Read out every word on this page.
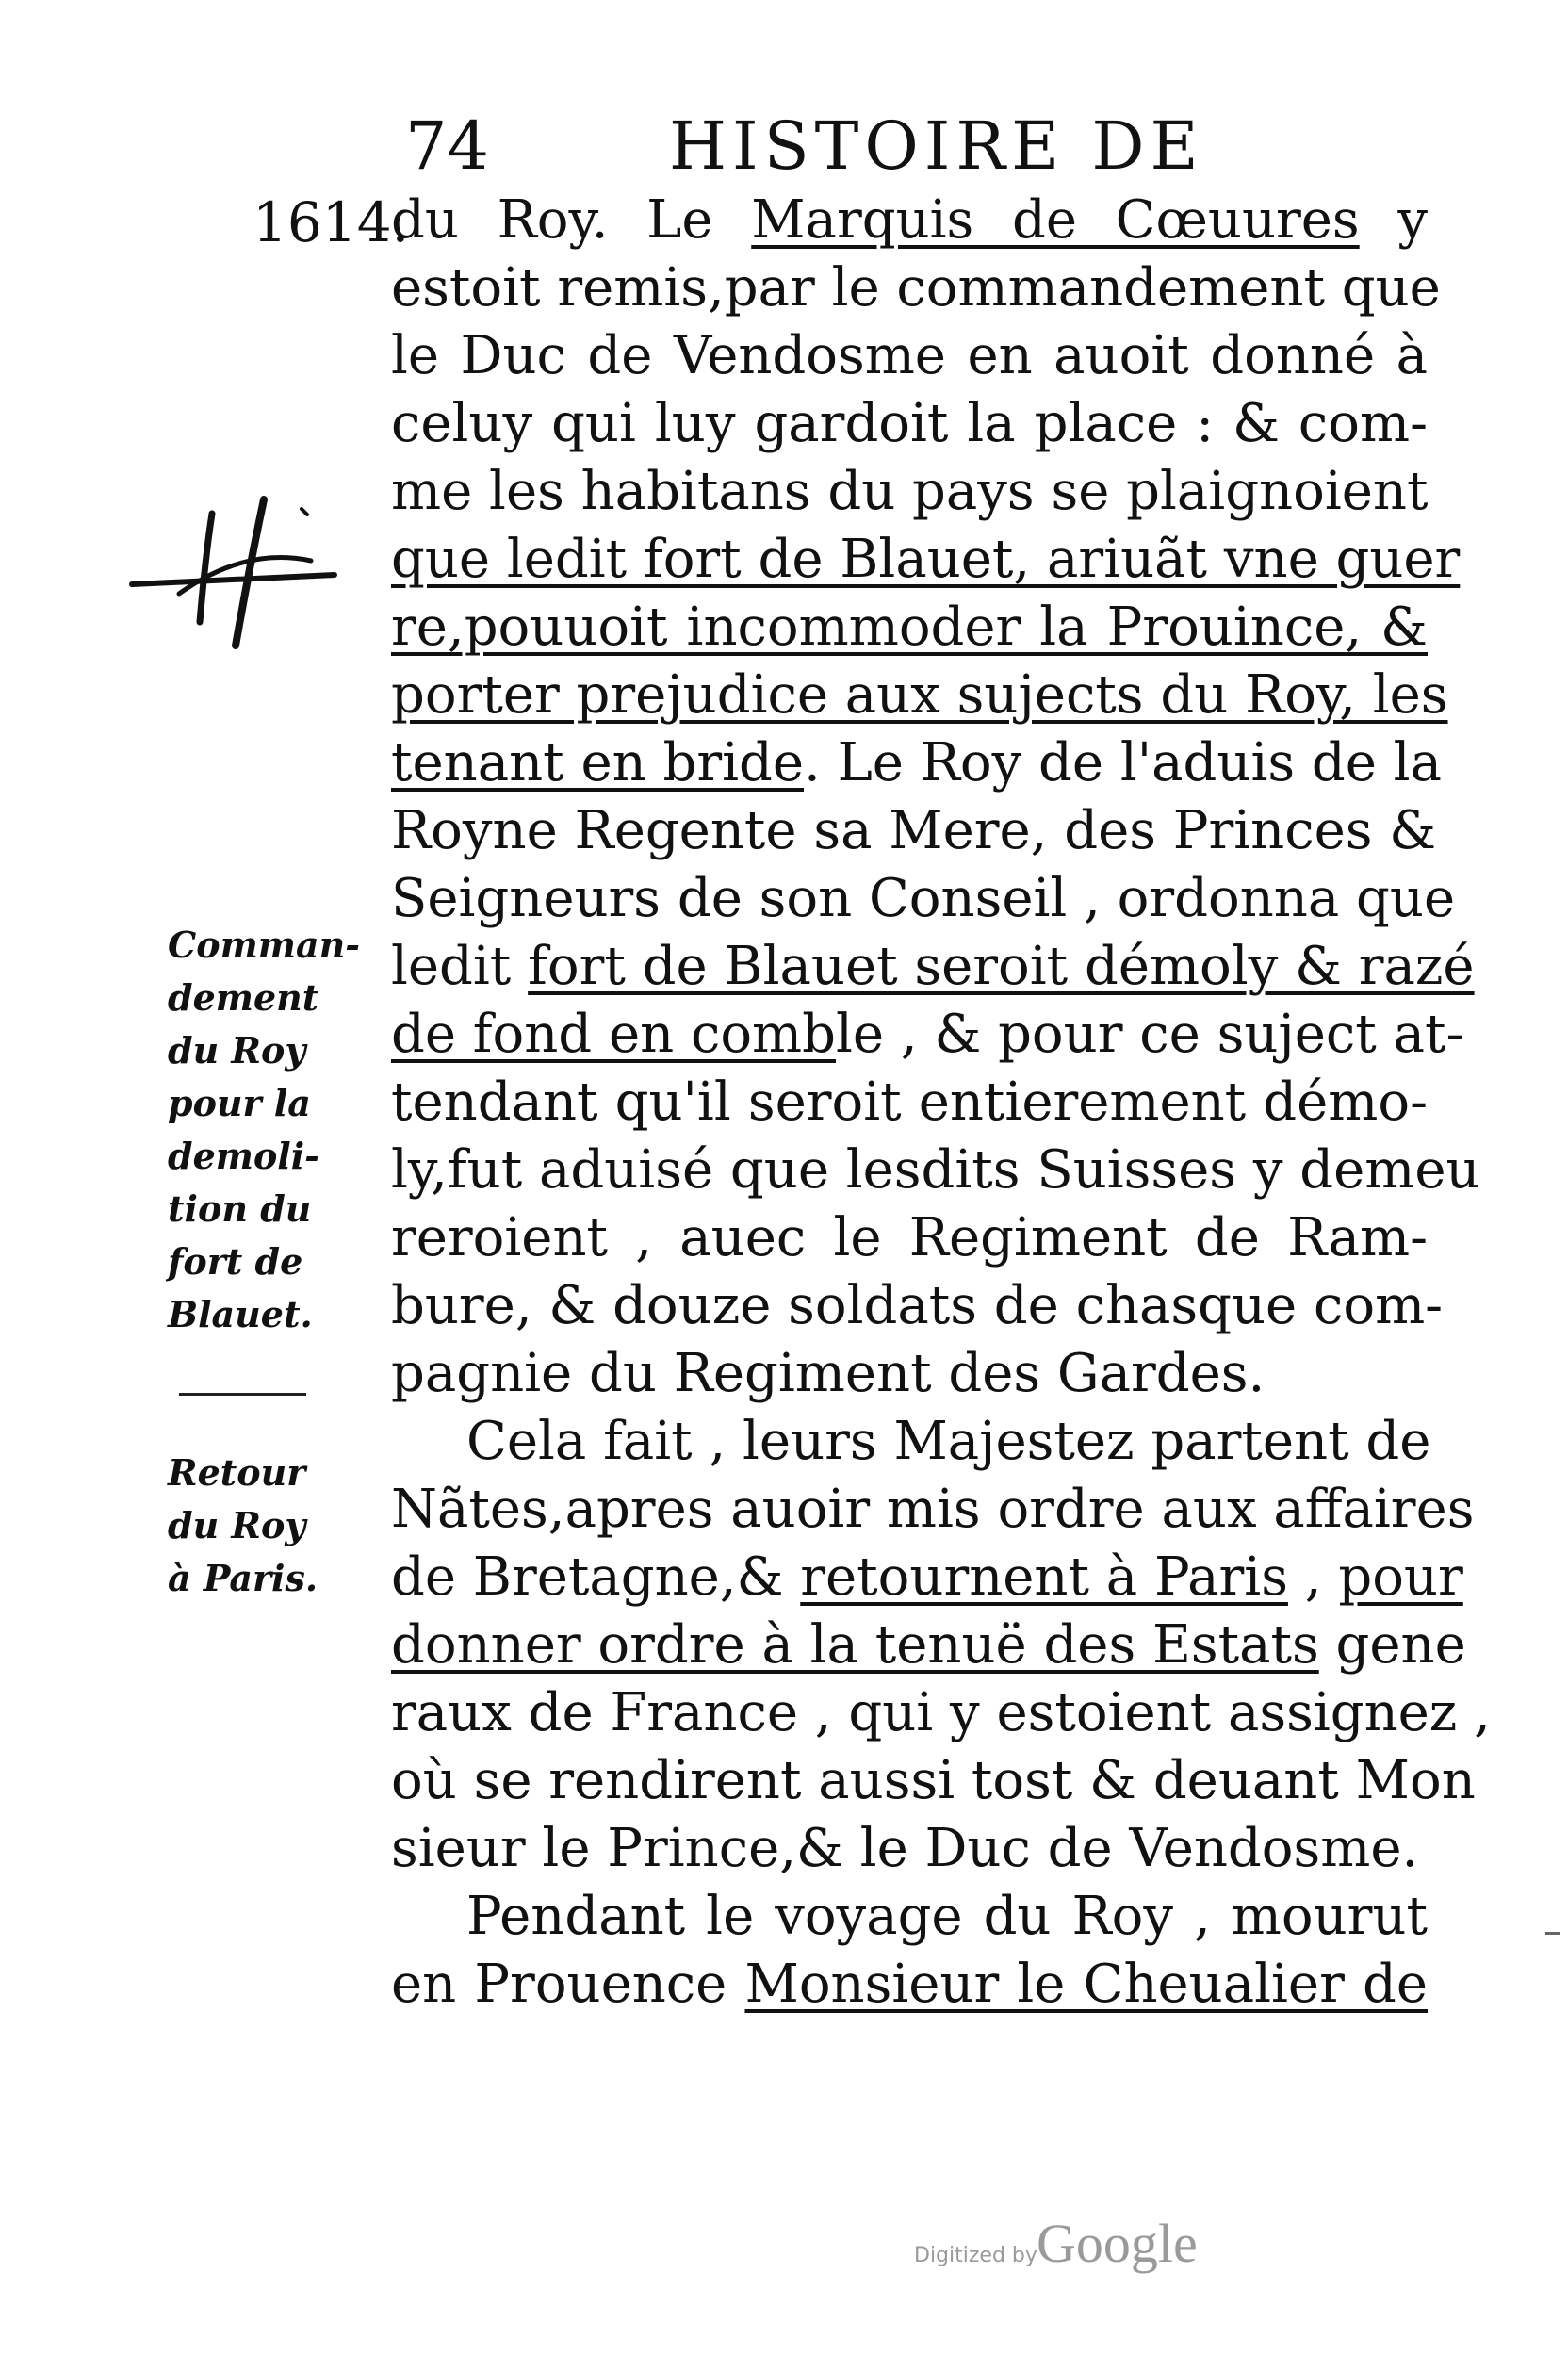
74	HISTOIRE DE
1614.
du Roy. Le Marquis de Cœuures y
estoit remis,par le commandement que
le Duc de Vendosme en auoit donné à
celuy qui luy gardoit la place : & com-
me les habitans du pays se plaignoient
que ledit fort de Blauet, ariuãt vne guer
re,pouuoit incommoder la Prouince, &
porter prejudice aux sujects du Roy, les
tenant en bride. Le Roy de l'aduis de la
Royne Regente sa Mere, des Princes &
Seigneurs de son Conseil , ordonna que
ledit fort de Blauet seroit démoly & razé
de fond en comble , & pour ce suject at-
tendant qu'il seroit entierement démo-
ly,fut aduisé que lesdits Suisses y demeu
reroient , auec le Regiment de Ram-
bure, & douze soldats de chasque com-
pagnie du Regiment des Gardes.
Cela fait , leurs Majestez partent de
Nãtes,apres auoir mis ordre aux affaires
de Bretagne,& retournent à Paris , pour
donner ordre à la tenuë des Estats gene
raux de France , qui y estoient assignez ,
où se rendirent aussi tost & deuant Mon
sieur le Prince,& le Duc de Vendosme.
Pendant le voyage du Roy , mourut
en Prouence Monsieur le Cheualier de
Comman-
dement
du Roy
pour la
demoli-
tion du
fort de
Blauet.
Retour
du Roy
à Paris.
Digitized by Google
